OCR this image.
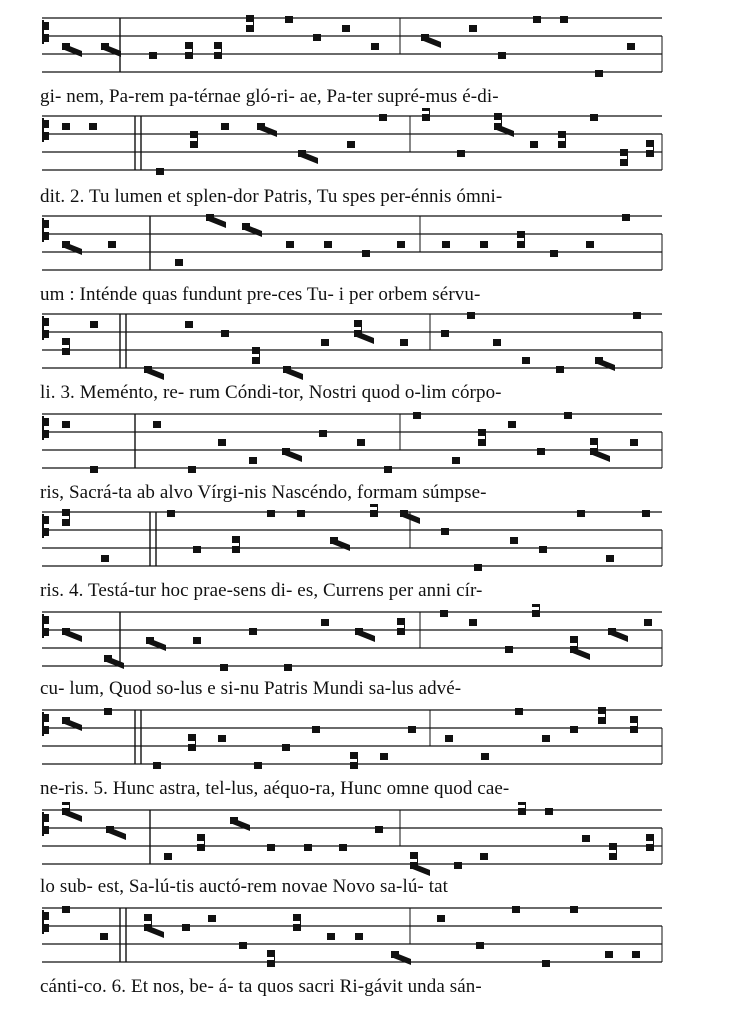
gi- nem, Pa-rem pa-térnae gló-ri- ae, Pa-ter supré-mus é-di-
dit. 2. Tu lumen et splen-dor Patris, Tu spes per-énnis ómni-
um : Inténde quas fundunt pre-ces Tu- i per orbem sérvu-
li. 3. Meménto, re- rum Cóndi-tor, Nostri quod o-lim córpo-
ris, Sacrá-ta ab alvo Vírgi-nis Nascéndo, formam súmpse-
ris. 4. Testá-tur hoc prae-sens di- es, Currens per anni cír-
cu- lum, Quod so-lus e si-nu Patris Mundi sa-lus advé-
ne-ris. 5. Hunc astra, tel-lus, aéquo-ra, Hunc omne quod cae-
lo sub- est, Sa-lú-tis auctó-rem novae Novo sa-lú- tat
cánti-co. 6. Et nos, be- á- ta quos sacri Ri-gávit unda sán-
